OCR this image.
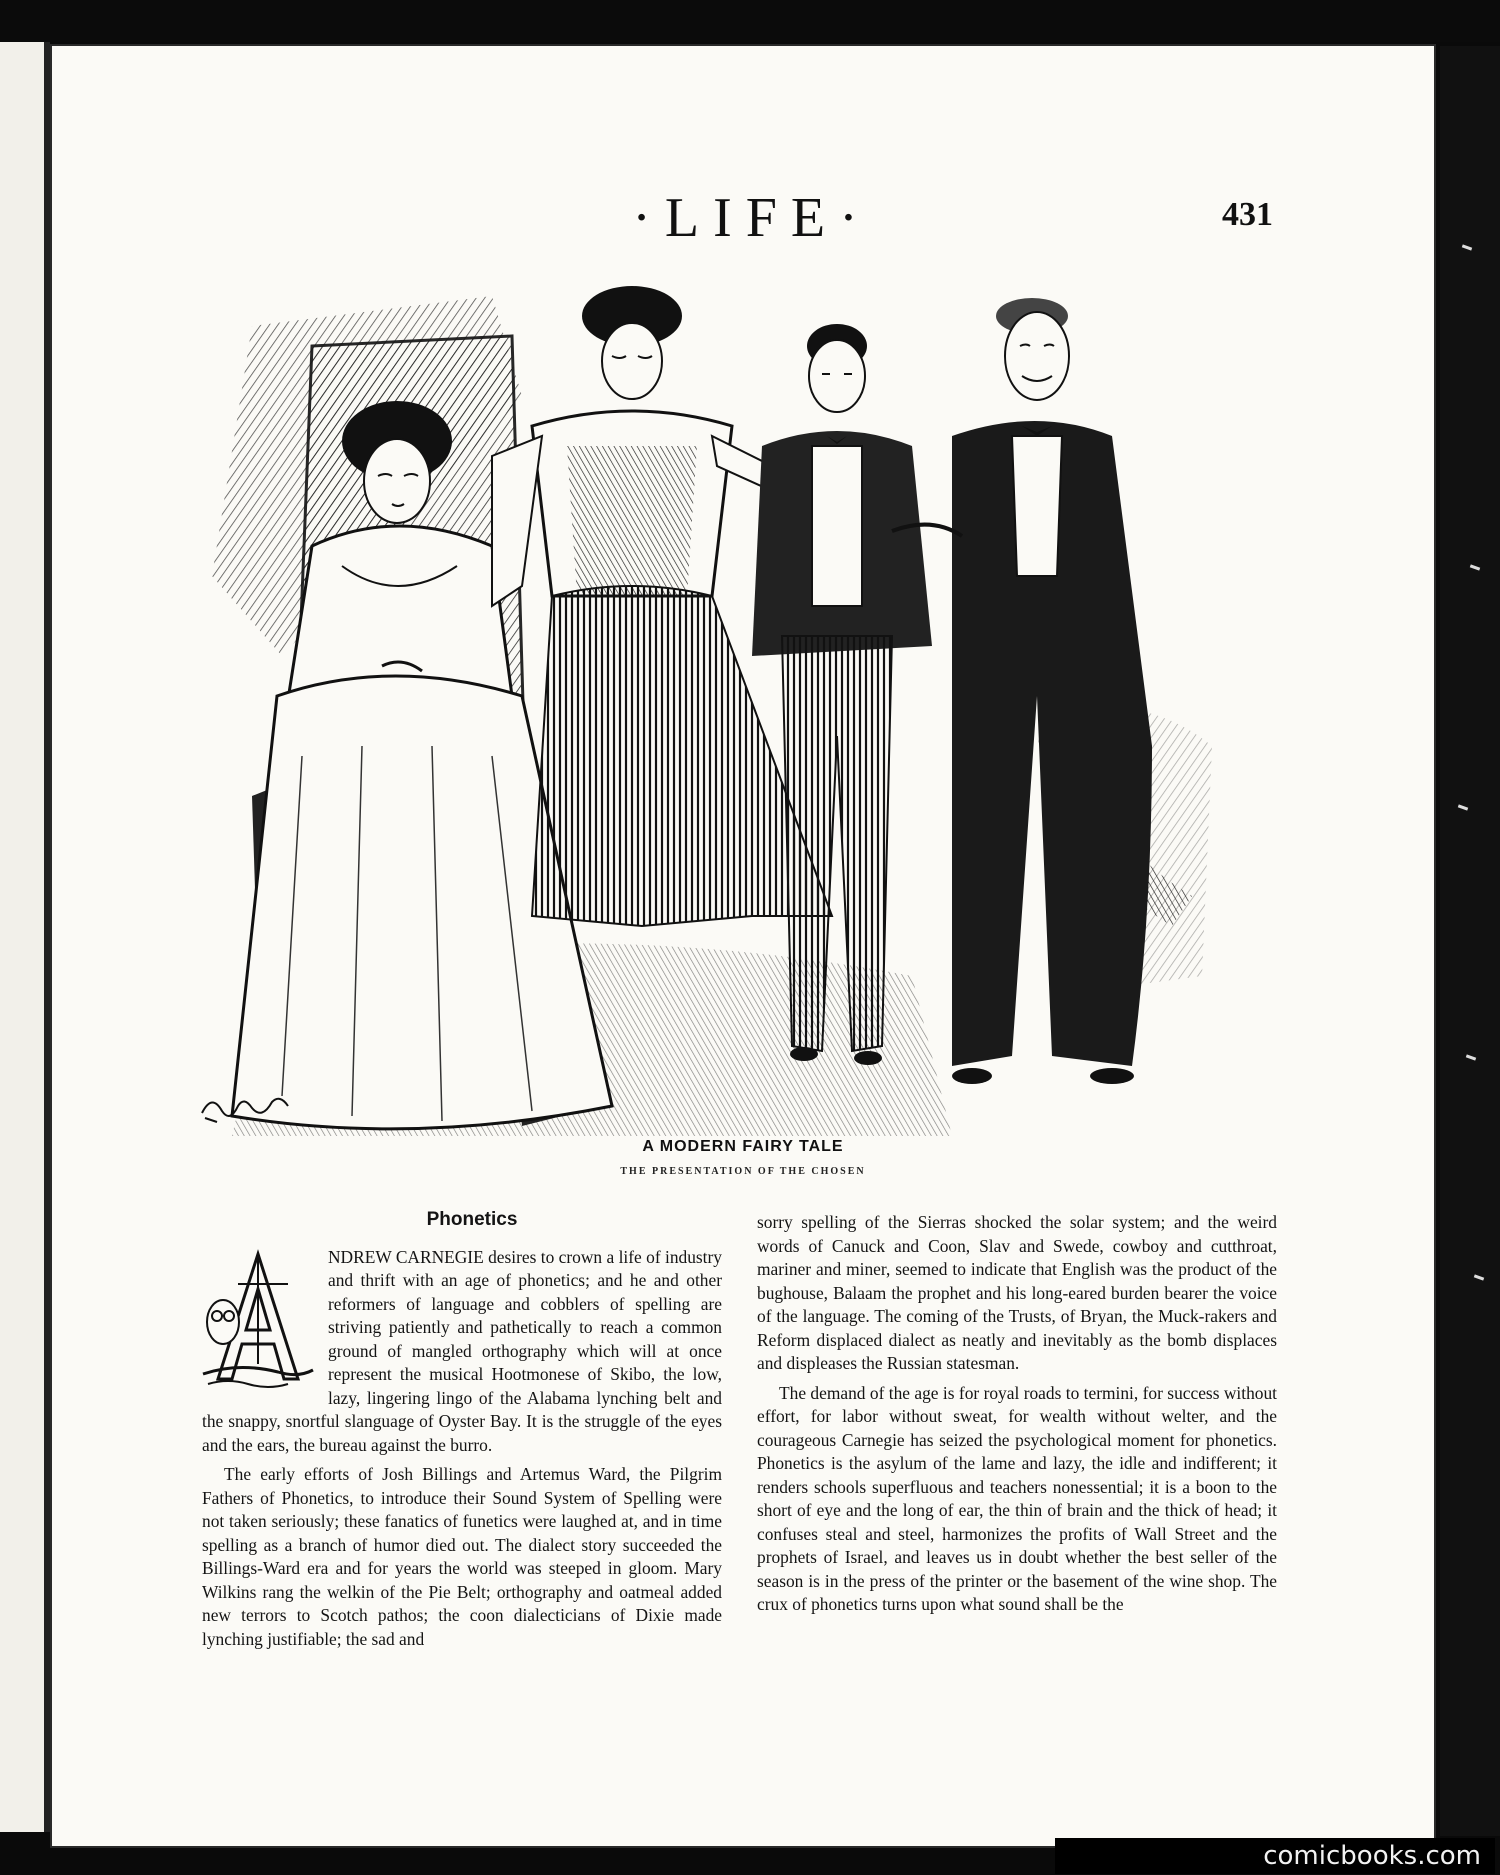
·LIFE·	431
A MODERN FAIRY TALE
THE PRESENTATION OF THE CHOSEN
Phonetics
A

NDREW CARNEGIE desires to crown a life of industry and thrift with an age of phonetics; and he and other reformers of language and cobblers of spelling are striving patiently and pathetically to reach a common ground of mangled orthography which will at once represent the musical Hootmonese of Skibo, the low, lazy, lingering lingo of the Alabama lynching belt and the snappy, snortful slanguage of Oyster Bay. It is the struggle of the eyes and the ears, the bureau against the burro.

The early efforts of Josh Billings and Artemus Ward, the Pilgrim Fathers of Phonetics, to introduce their Sound System of Spelling were not taken seriously; these fanatics of funetics were laughed at, and in time spelling as a branch of humor died out. The dialect story succeeded the Billings-Ward era and for years the world was steeped in gloom. Mary Wilkins rang the welkin of the Pie Belt; orthography and oatmeal added new terrors to Scotch pathos; the coon dialecticians of Dixie made lynching justifiable; the sad and

sorry spelling of the Sierras shocked the solar system; and the weird words of Canuck and Coon, Slav and Swede, cowboy and cutthroat, mariner and miner, seemed to indicate that English was the product of the bughouse, Balaam the prophet and his long-eared burden bearer the voice of the language. The coming of the Trusts, of Bryan, the Muck-rakers and Reform displaced dialect as neatly and inevitably as the bomb displaces and displeases the Russian statesman.

The demand of the age is for royal roads to termini, for success without effort, for labor without sweat, for wealth without welter, and the courageous Carnegie has seized the psychological moment for phonetics. Phonetics is the asylum of the lame and lazy, the idle and indifferent; it renders schools superfluous and teachers nonessential; it is a boon to the short of eye and the long of ear, the thin of brain and the thick of head; it confuses steal and steel, harmonizes the profits of Wall Street and the prophets of Israel, and leaves us in doubt whether the best seller of the season is in the press of the printer or the basement of the wine shop. The crux of phonetics turns upon what sound shall be the

comicbooks.com
